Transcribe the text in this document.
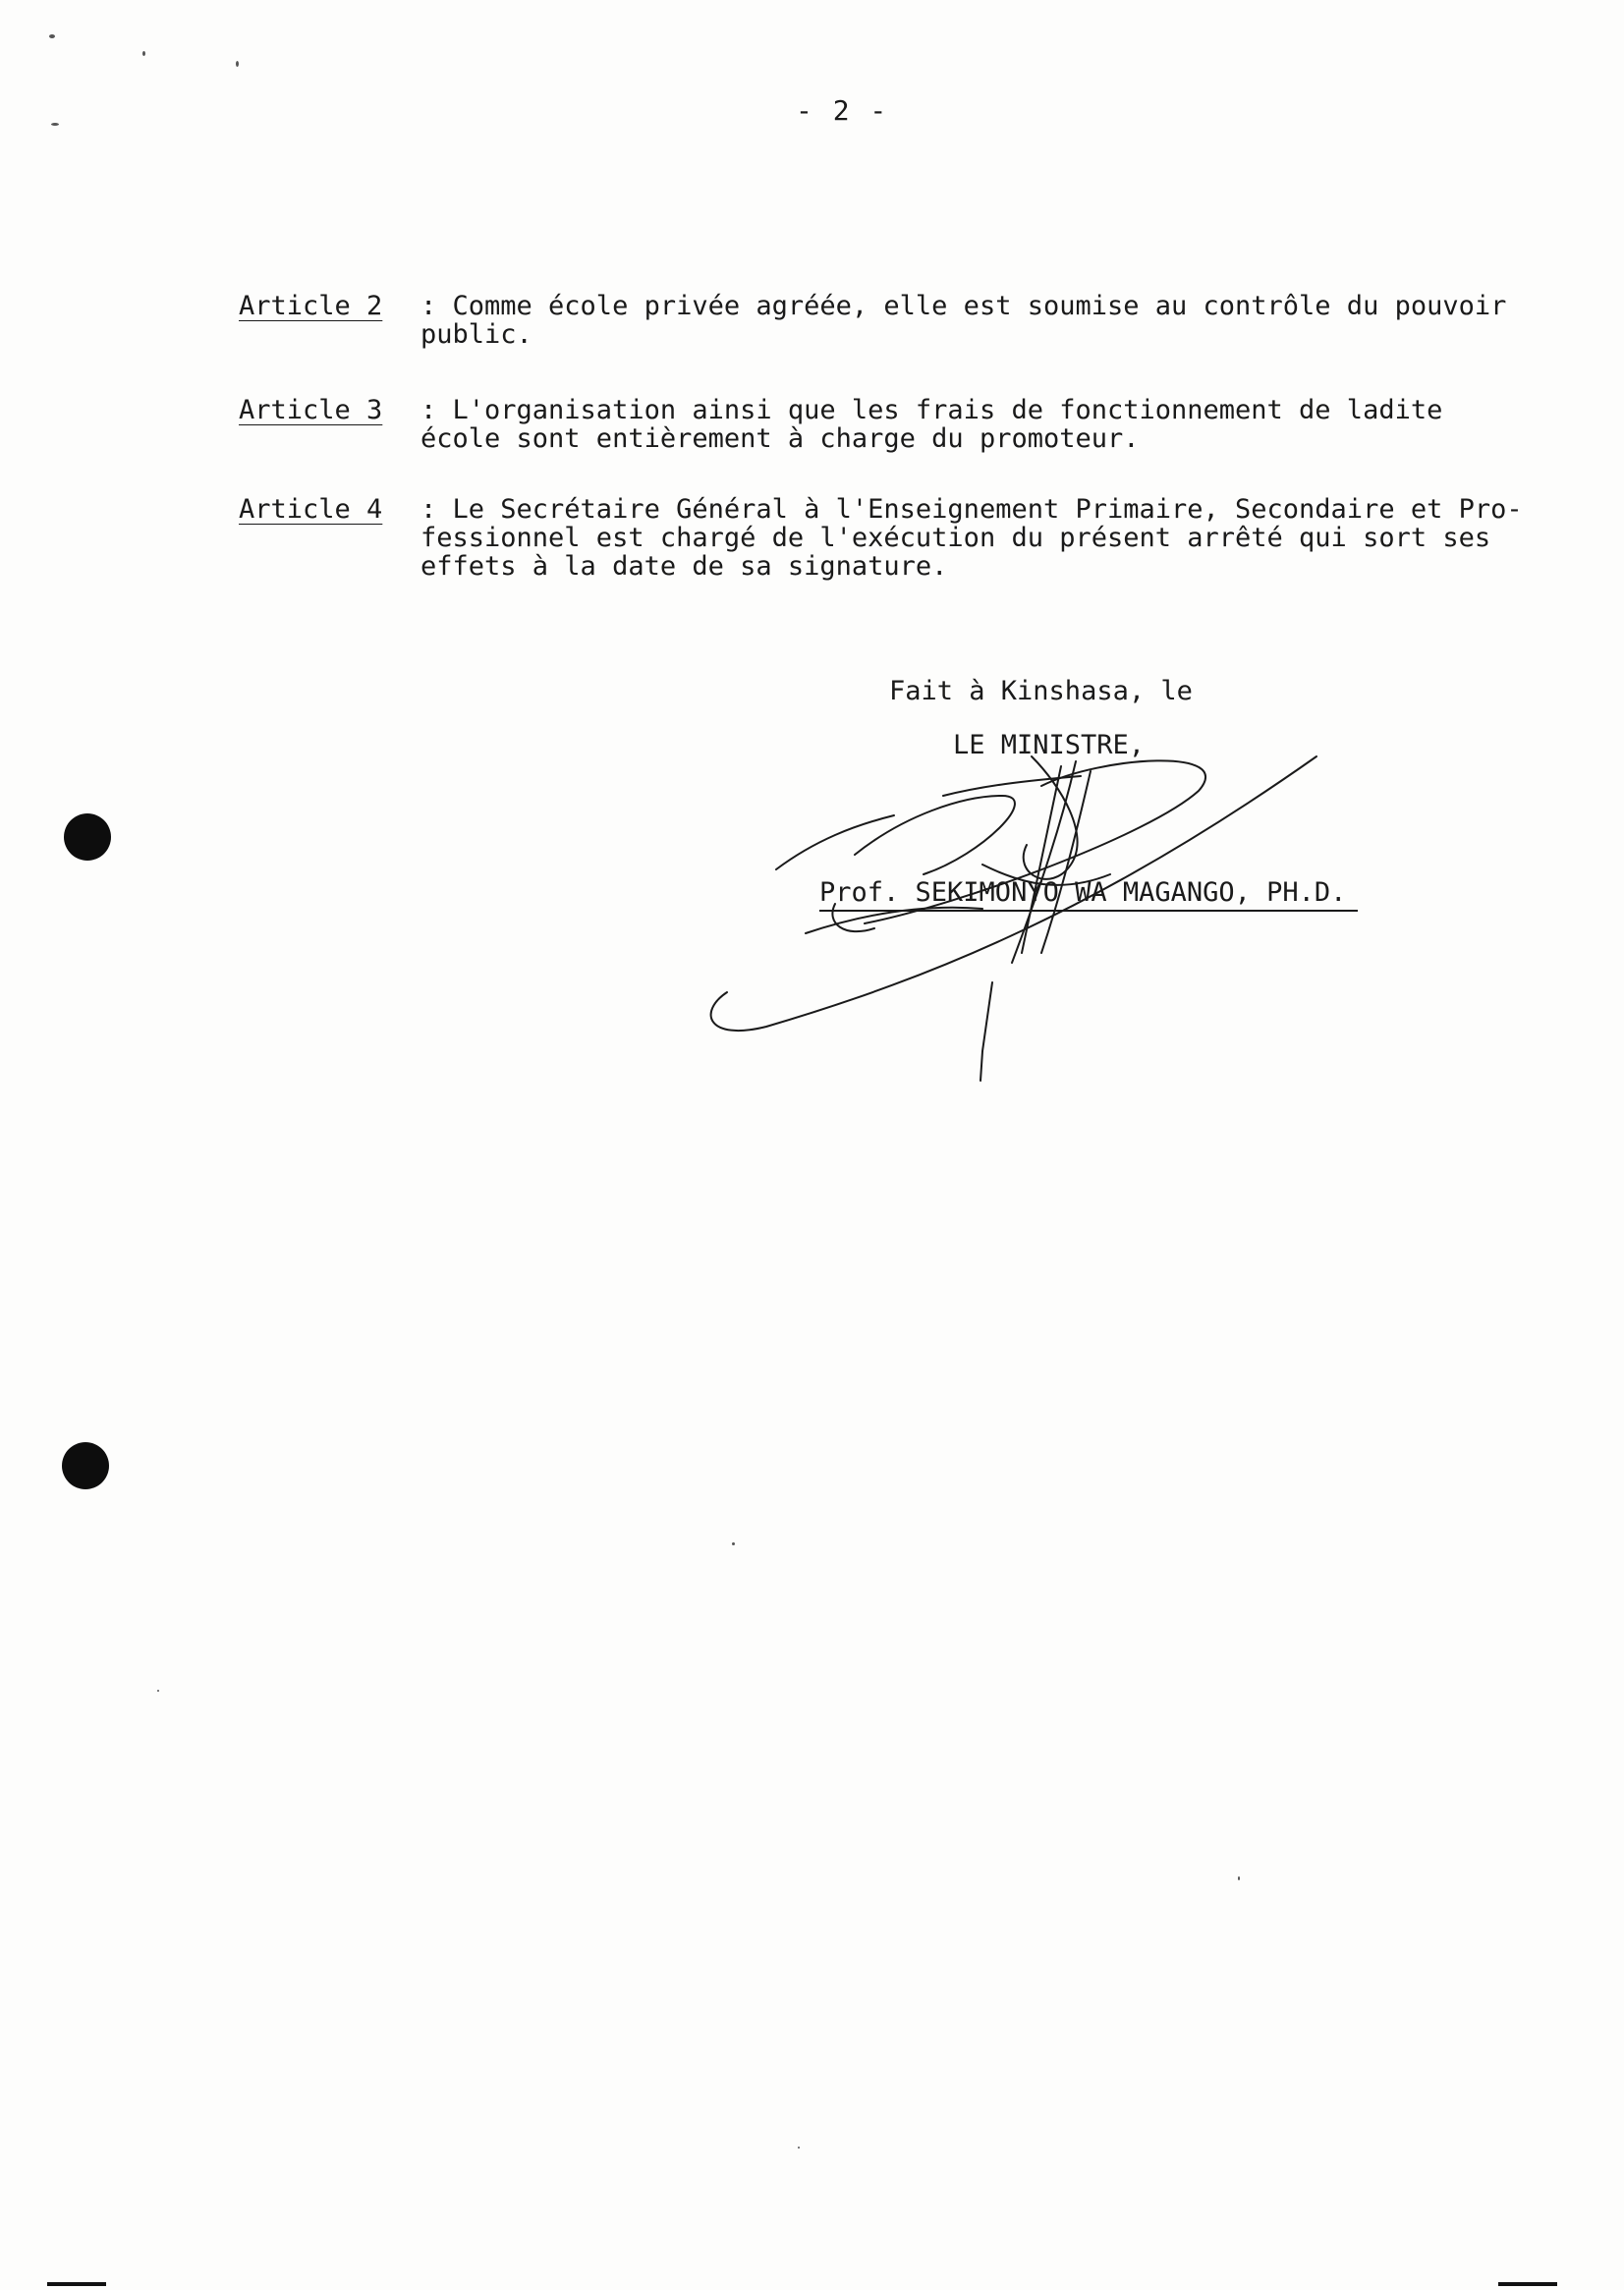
- 2 -
Article 2 : Comme école privée agréée, elle est soumise au contrôle du pouvoir
public.
Article 3 : L'organisation ainsi que les frais de fonctionnement de ladite
école sont entièrement à charge du promoteur.
Article 4 : Le Secrétaire Général à l'Enseignement Primaire, Secondaire et Pro-
fessionnel est chargé de l'exécution du présent arrêté qui sort ses
effets à la date de sa signature.
Fait à Kinshasa, le
LE MINISTRE,
Prof. SEKIMONYO WA MAGANGO, PH.D.
